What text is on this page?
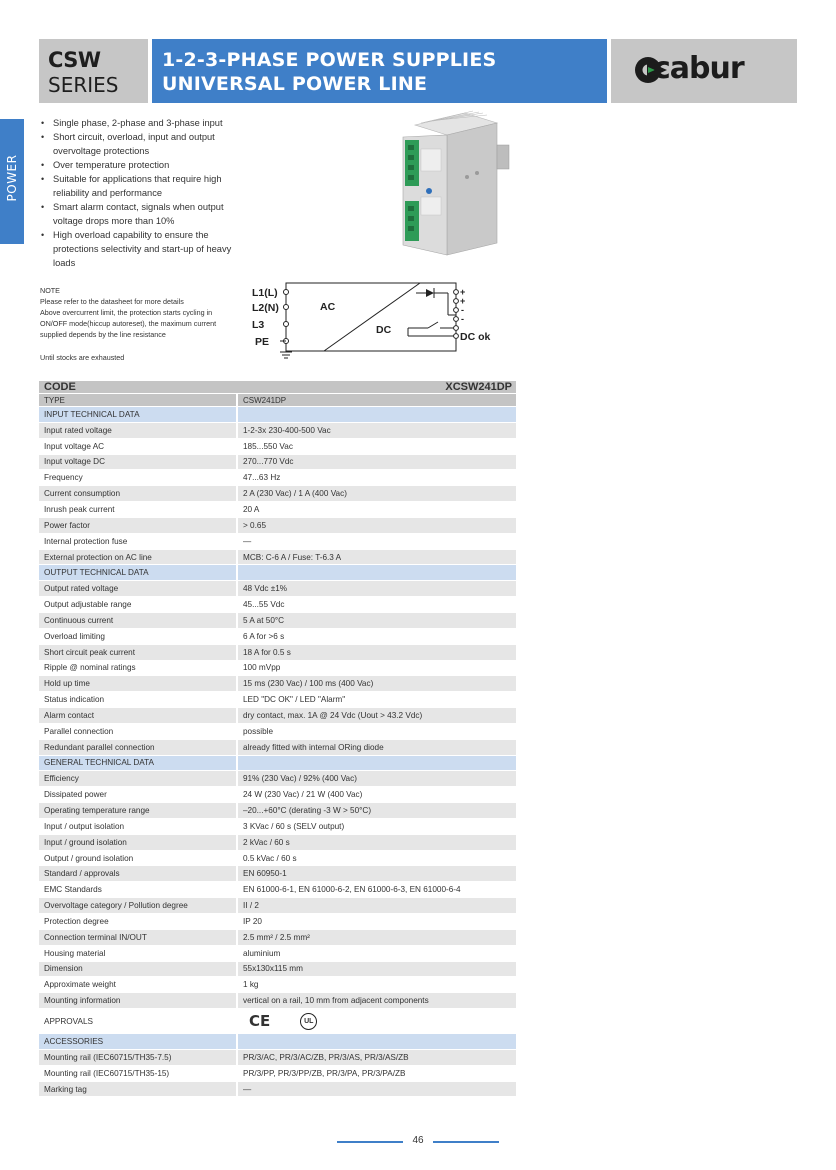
CSW
SERIES
1-2-3-PHASE POWER SUPPLIES
UNIVERSAL POWER LINE	cabur
POWER
• Single phase, 2-phase and 3-phase input
• Short circuit, overload, input and output overvoltage protections
• Over temperature protection
• Suitable for applications that require high reliability and performance
• Smart alarm contact, signals when output voltage drops more than 10%
• High overload capability to ensure the protections selectivity and start-up of heavy loads
NOTE
Please refer to the datasheet for more details
Above overcurrent limit, the protection starts cycling in ON/OFF mode(hiccup autoreset), the maximum current supplied depends by the line resistance
Until stocks are exhausted
L1(L)
L2(N)
L3
PE
AC
DC
DC ok
+
+
-
-
CODE XCSW241DP	

TYPE	CSW241DP
INPUT TECHNICAL DATA	
Input rated voltage	1-2-3x 230-400-500 Vac
Input voltage AC	185...550 Vac
Input voltage DC	270...770 Vdc
Frequency	47...63 Hz
Current consumption	2 A (230 Vac) / 1 A (400 Vac)
Inrush peak current	20 A
Power factor	> 0.65
Internal protection fuse	—
External protection on AC line	MCB: C-6 A / Fuse: T-6.3 A
OUTPUT TECHNICAL DATA	
Output rated voltage	48 Vdc ±1%
Output adjustable range	45...55 Vdc
Continuous current	5 A at 50°C
Overload limiting	6 A for >6 s
Short circuit peak current	18 A for 0.5 s
Ripple @ nominal ratings	100 mVpp
Hold up time	15 ms (230 Vac) / 100 ms (400 Vac)
Status indication	LED "DC OK" / LED "Alarm"
Alarm contact	dry contact, max. 1A @ 24 Vdc (Uout > 43.2 Vdc)
Parallel connection	possible
Redundant parallel connection	already fitted with internal ORing diode
GENERAL TECHNICAL DATA	
Efficiency	91% (230 Vac) / 92% (400 Vac)
Dissipated power	24 W (230 Vac) / 21 W (400 Vac)
Operating temperature range	–20...+60°C (derating -3 W > 50°C)
Input / output isolation	3 KVac / 60 s (SELV output)
Input / ground isolation	2 kVac / 60 s
Output / ground isolation	0.5 kVac / 60 s
Standard / approvals	EN 60950-1
EMC Standards	EN 61000-6-1, EN 61000-6-2, EN 61000-6-3, EN 61000-6-4
Overvoltage category / Pollution degree	II / 2
Protection degree	IP 20
Connection terminal IN/OUT	2.5 mm² / 2.5 mm²
Housing material	aluminium
Dimension	55x130x115 mm
Approximate weight	1 kg
Mounting information	vertical on a rail, 10 mm from adjacent components
APPROVALS	CE UL
ACCESSORIES	
Mounting rail (IEC60715/TH35-7.5)	PR/3/AC, PR/3/AC/ZB, PR/3/AS, PR/3/AS/ZB
Mounting rail (IEC60715/TH35-15)	PR/3/PP, PR/3/PP/ZB, PR/3/PA, PR/3/PA/ZB
Marking tag	—
46
